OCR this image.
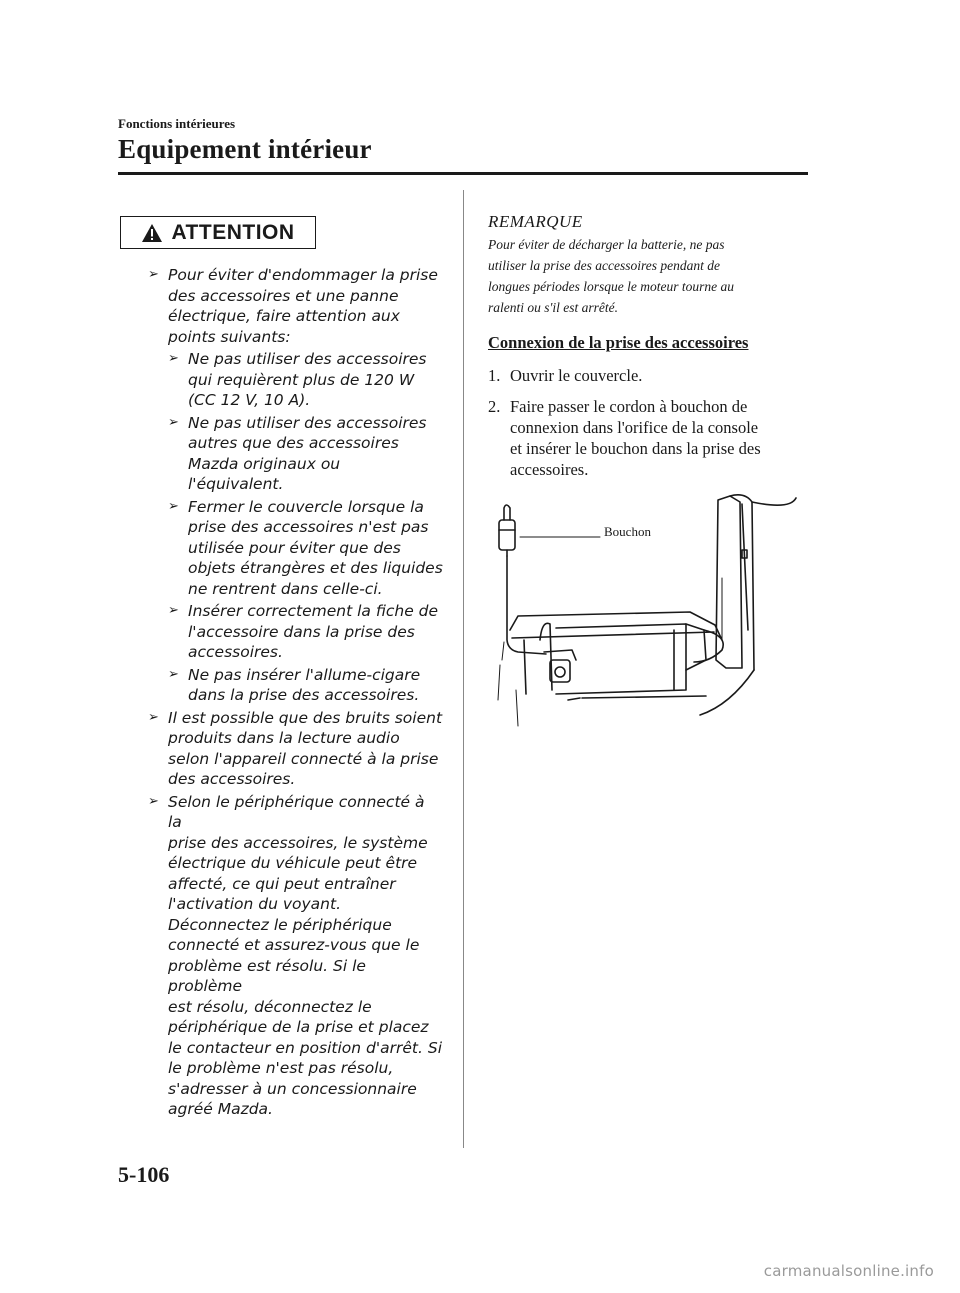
Fonctions intérieures
Equipement intérieur
ATTENTION
➢ Pour éviter d'endommager la prise
des accessoires et une panne
électrique, faire attention aux
points suivants:
➢ Ne pas utiliser des accessoires
qui requièrent plus de 120 W
(CC 12 V, 10 A).
➢ Ne pas utiliser des accessoires
autres que des accessoires
Mazda originaux ou
l'équivalent.
➢ Fermer le couvercle lorsque la
prise des accessoires n'est pas
utilisée pour éviter que des
objets étrangères et des liquides
ne rentrent dans celle-ci.
➢ Insérer correctement la fiche de
l'accessoire dans la prise des
accessoires.
➢ Ne pas insérer l'allume-cigare
dans la prise des accessoires.
➢ Il est possible que des bruits soient
produits dans la lecture audio
selon l'appareil connecté à la prise
des accessoires.
➢ Selon le périphérique connecté à la
prise des accessoires, le système
électrique du véhicule peut être
affecté, ce qui peut entraîner
l'activation du voyant.
Déconnectez le périphérique
connecté et assurez-vous que le
problème est résolu. Si le problème
est résolu, déconnectez le
périphérique de la prise et placez
le contacteur en position d'arrêt. Si
le problème n'est pas résolu,
s'adresser à un concessionnaire
agréé Mazda.
REMARQUE
Pour éviter de décharger la batterie, ne pas
utiliser la prise des accessoires pendant de
longues périodes lorsque le moteur tourne au
ralenti ou s'il est arrêté.
Connexion de la prise des accessoires
1. Ouvrir le couvercle.
2. Faire passer le cordon à bouchon de
connexion dans l'orifice de la console
et insérer le bouchon dans la prise des
accessoires.
Bouchon
5-106
carmanualsonline.info
